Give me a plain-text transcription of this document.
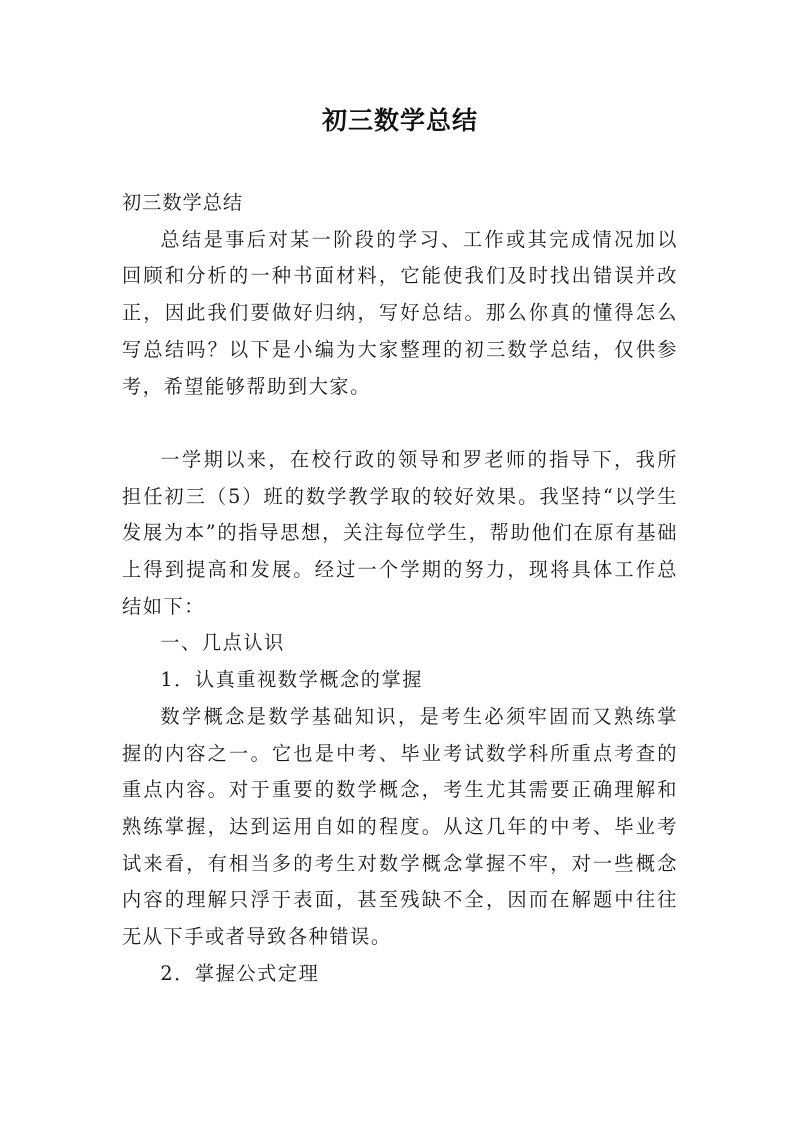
初三数学总结

初三数学总结

总结是事后对某一阶段的学习、工作或其完成情况加以回顾和分析的一种书面材料，它能使我们及时找出错误并改正，因此我们要做好归纳，写好总结。那么你真的懂得怎么写总结吗？以下是小编为大家整理的初三数学总结，仅供参考，希望能够帮助到大家。

一学期以来，在校行政的领导和罗老师的指导下，我所担任初三（5）班的数学教学取的较好效果。我坚持“以学生发展为本”的指导思想，关注每位学生，帮助他们在原有基础上得到提高和发展。经过一个学期的努力，现将具体工作总结如下：

一、几点认识

1．认真重视数学概念的掌握

数学概念是数学基础知识，是考生必须牢固而又熟练掌握的内容之一。它也是中考、毕业考试数学科所重点考查的重点内容。对于重要的数学概念，考生尤其需要正确理解和熟练掌握，达到运用自如的程度。从这几年的中考、毕业考试来看，有相当多的考生对数学概念掌握不牢，对一些概念内容的理解只浮于表面，甚至残缺不全，因而在解题中往往无从下手或者导致各种错误。

2．掌握公式定理
